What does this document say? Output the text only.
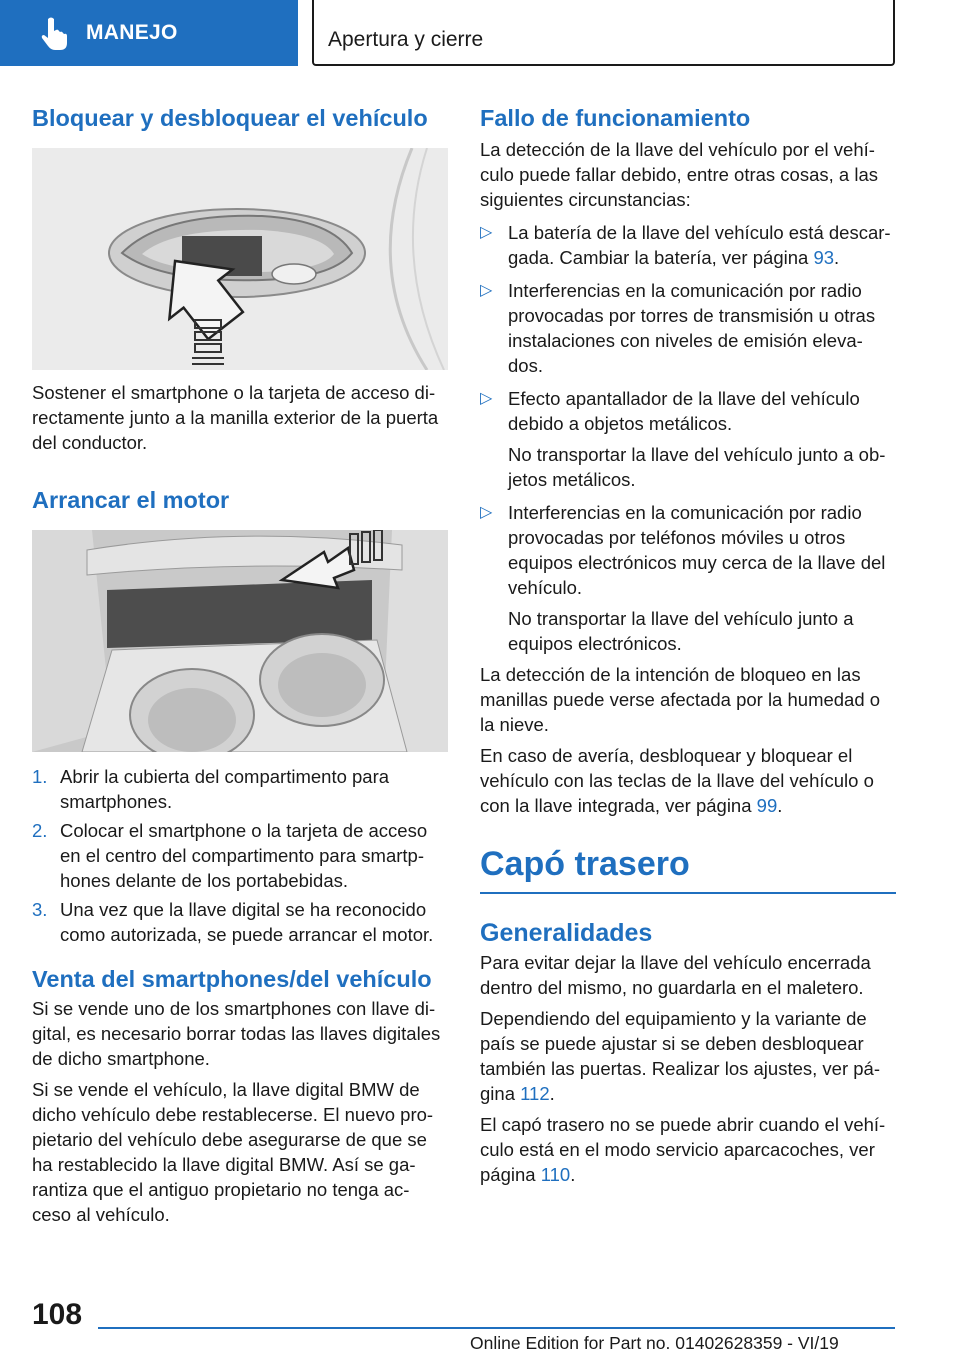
MANEJO	Apertura y cierre
Bloquear y desbloquear el vehículo

Sostener el smartphone o la tarjeta de acceso di-rectamente junto a la manilla exterior de la puerta del conductor.

Arrancar el motor
1. Abrir la cubierta del compartimento para smartphones.
2. Colocar el smartphone o la tarjeta de acceso en el centro del compartimento para smartp-hones delante de los portabebidas.
3. Una vez que la llave digital se ha reconocido como autorizada, se puede arrancar el motor.
Venta del smartphones/del vehículo

Si se vende uno de los smartphones con llave di-gital, es necesario borrar todas las llaves digitales de dicho smartphone.

Si se vende el vehículo, la llave digital BMW de dicho vehículo debe restablecerse. El nuevo pro-pietario del vehículo debe asegurarse de que se ha restablecido la llave digital BMW. Así se ga-rantiza que el antiguo propietario no tenga ac-ceso al vehículo.

Fallo de funcionamiento

La detección de la llave del vehículo por el vehí-culo puede fallar debido, entre otras cosas, a las siguientes circunstancias:

▷ La batería de la llave del vehículo está descar-gada. Cambiar la batería, ver página 93.
▷ Interferencias en la comunicación por radio provocadas por torres de transmisión u otras instalaciones con niveles de emisión eleva-dos.
▷ Efecto apantallador de la llave del vehículo debido a objetos metálicos.
No transportar la llave del vehículo junto a ob-jetos metálicos.
▷ Interferencias en la comunicación por radio provocadas por teléfonos móviles u otros equipos electrónicos muy cerca de la llave del vehículo.
No transportar la llave del vehículo junto a equipos electrónicos.

La detección de la intención de bloqueo en las manillas puede verse afectada por la humedad o la nieve.

En caso de avería, desbloquear y bloquear el vehículo con las teclas de la llave del vehículo o con la llave integrada, ver página 99.

Capó trasero
Generalidades

Para evitar dejar la llave del vehículo encerrada dentro del mismo, no guardarla en el maletero.

Dependiendo del equipamiento y la variante de país se puede ajustar si se deben desbloquear también las puertas. Realizar los ajustes, ver pá-gina 112.

El capó trasero no se puede abrir cuando el vehí-culo está en el modo servicio aparcacoches, ver página 110.

108
Online Edition for Part no. 01402628359 - VI/19
